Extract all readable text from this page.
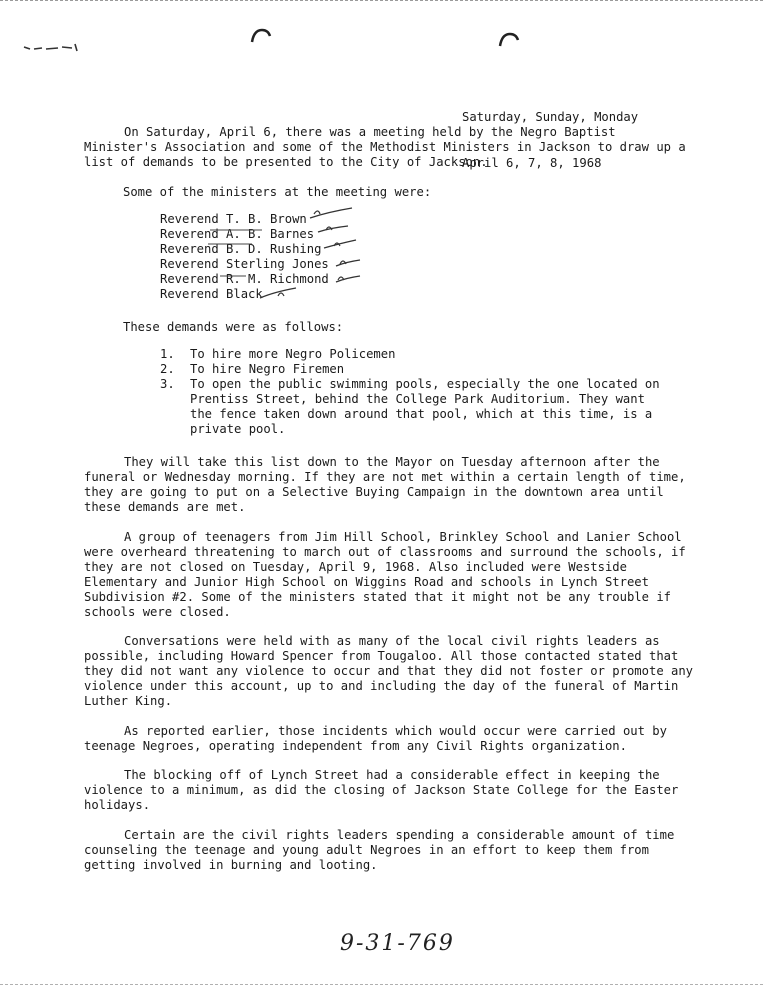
Saturday, Sunday, Monday

April 6, 7, 8, 1968

On Saturday, April 6, there was a meeting held by the Negro Baptist Minister's Association and some of the Methodist Ministers in Jackson to draw up a list of demands to be presented to the City of Jackson.

Some of the ministers at the meeting were:

Reverend T. B. Brown
Reverend A. B. Barnes
Reverend B. D. Rushing
Reverend Sterling Jones
Reverend R. M. Richmond
Reverend Black

These demands were as follows:

1.	To hire more Negro Policemen
2.	To hire Negro Firemen
3.	To open the public swimming pools, especially the one located on Prentiss Street, behind the College Park Auditorium. They want the fence taken down around that pool, which at this time, is a private pool.

They will take this list down to the Mayor on Tuesday afternoon after the funeral or Wednesday morning. If they are not met within a certain length of time, they are going to put on a Selective Buying Campaign in the downtown area until these demands are met.

A group of teenagers from Jim Hill School, Brinkley School and Lanier School were overheard threatening to march out of classrooms and surround the schools, if they are not closed on Tuesday, April 9, 1968. Also included were Westside Elementary and Junior High School on Wiggins Road and schools in Lynch Street Subdivision #2. Some of the ministers stated that it might not be any trouble if schools were closed.

Conversations were held with as many of the local civil rights leaders as possible, including Howard Spencer from Tougaloo. All those contacted stated that they did not want any violence to occur and that they did not foster or promote any violence under this account, up to and including the day of the funeral of Martin Luther King.

As reported earlier, those incidents which would occur were carried out by teenage Negroes, operating independent from any Civil Rights organization.

The blocking off of Lynch Street had a considerable effect in keeping the violence to a minimum, as did the closing of Jackson State College for the Easter holidays.

Certain are the civil rights leaders spending a considerable amount of time counseling the teenage and young adult Negroes in an effort to keep them from getting involved in burning and looting.

9-31-769
